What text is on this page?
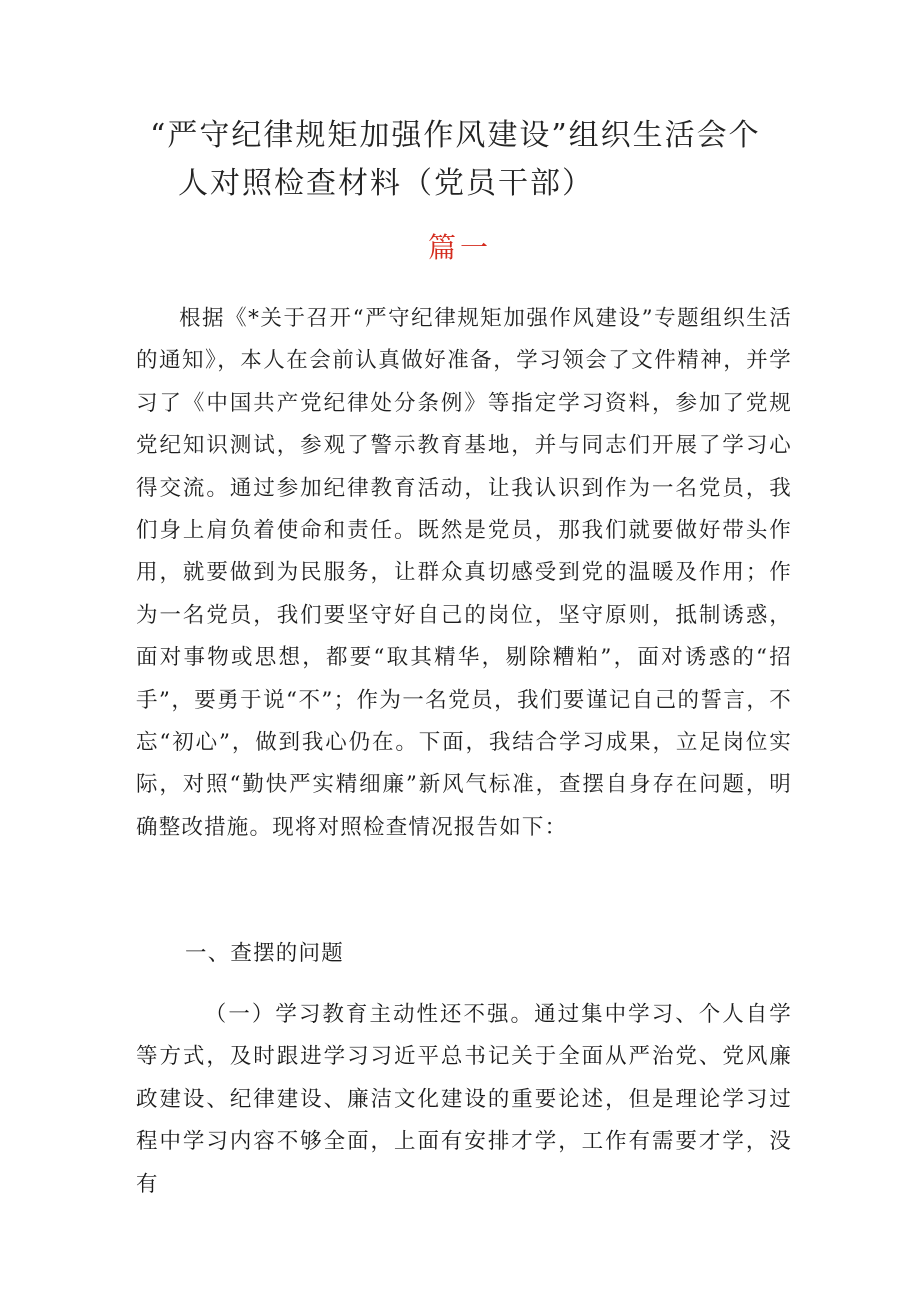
“严守纪律规矩加强作风建设”组织生活会个
人对照检查材料（党员干部）
篇一

根据《*关于召开“严守纪律规矩加强作风建设”专题组织生活的通知》，本人在会前认真做好准备，学习领会了文件精神，并学习了《中国共产党纪律处分条例》等指定学习资料，参加了党规党纪知识测试，参观了警示教育基地，并与同志们开展了学习心得交流。通过参加纪律教育活动，让我认识到作为一名党员，我们身上肩负着使命和责任。既然是党员，那我们就要做好带头作用，就要做到为民服务，让群众真切感受到党的温暖及作用；作为一名党员，我们要坚守好自己的岗位，坚守原则，抵制诱惑，面对事物或思想，都要“取其精华，剔除糟粕”，面对诱惑的“招手”，要勇于说“不”；作为一名党员，我们要谨记自己的誓言，不忘“初心”，做到我心仍在。下面，我结合学习成果，立足岗位实际，对照“勤快严实精细廉”新风气标准，查摆自身存在问题，明确整改措施。现将对照检查情况报告如下：

一、查摆的问题

（一）学习教育主动性还不强。通过集中学习、个人自学等方式，及时跟进学习习近平总书记关于全面从严治党、党风廉政建设、纪律建设、廉洁文化建设的重要论述，但是理论学习过程中学习内容不够全面，上面有安排才学，工作有需要才学，没有
